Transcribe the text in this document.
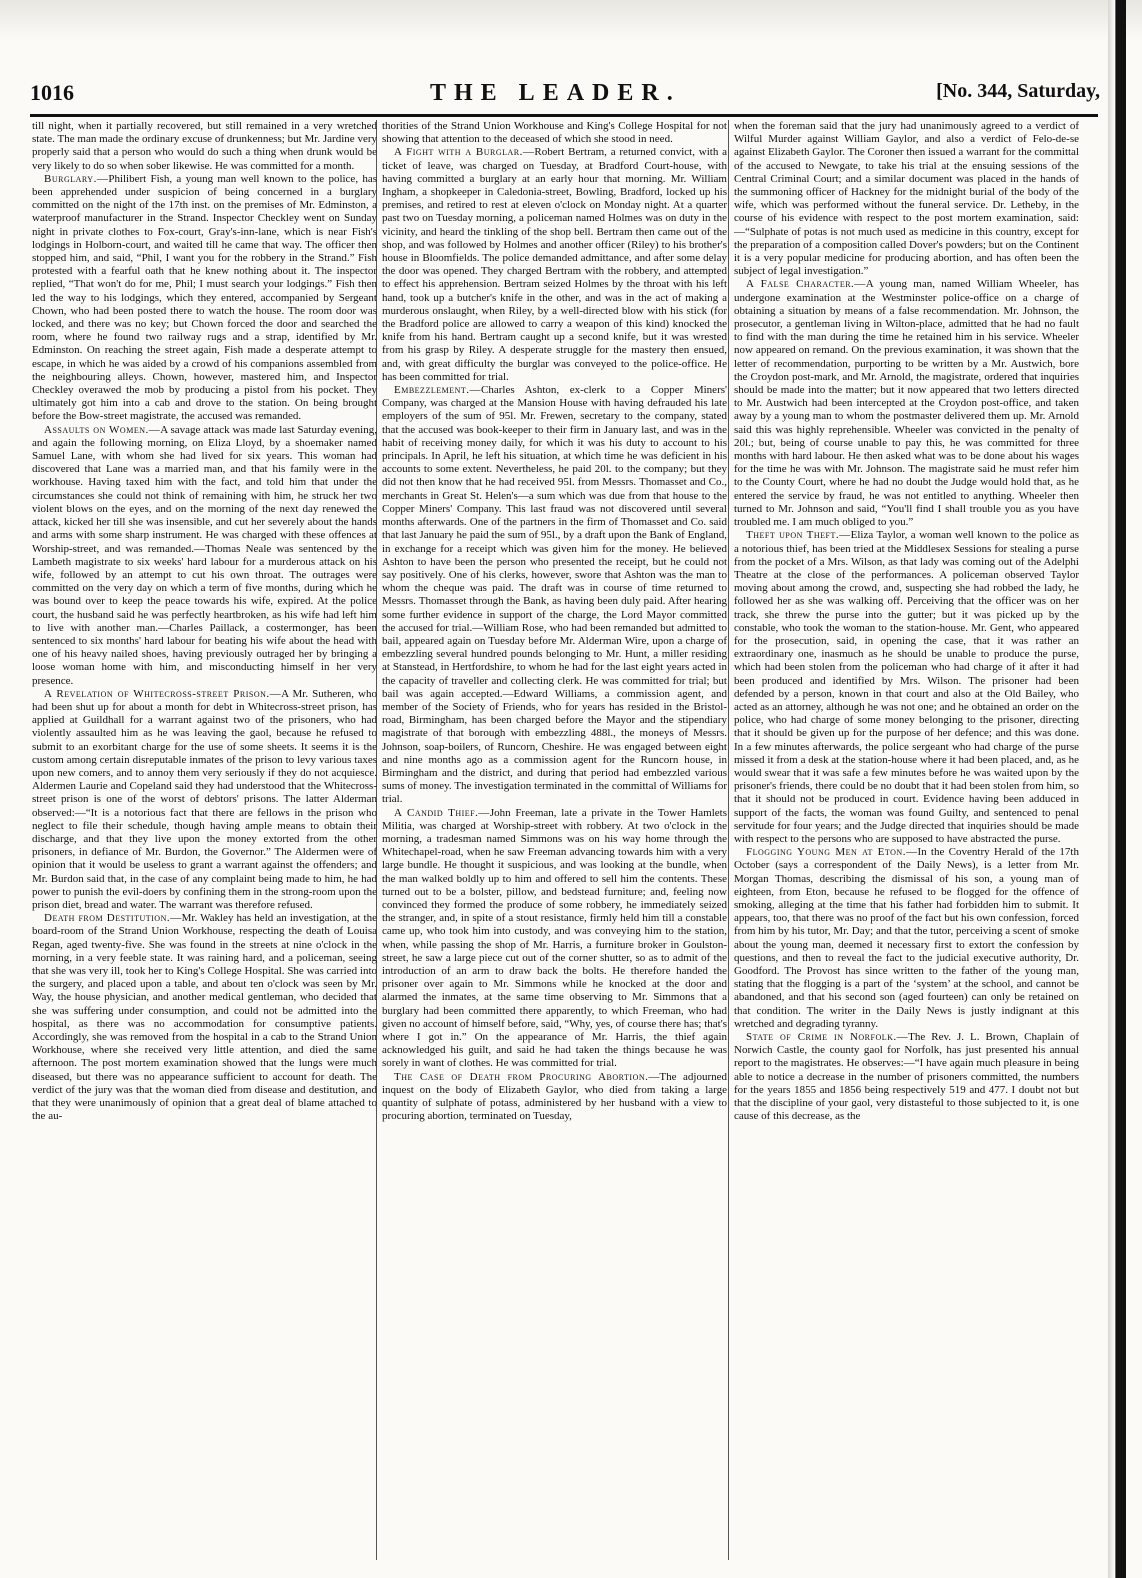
1016	THE LEADER.	[No. 344, Saturday,

till night, when it partially recovered, but still remained in a very wretched state. The man made the ordinary excuse of drunkenness; but Mr. Jardine very properly said that a person who would do such a thing when drunk would be very likely to do so when sober likewise. He was committed for a month.

Burglary.—Philibert Fish, a young man well known to the police, has been apprehended under suspicion of being concerned in a burglary committed on the night of the 17th inst. on the premises of Mr. Edminston, a waterproof manufacturer in the Strand. Inspector Checkley went on Sunday night in private clothes to Fox-court, Gray's-inn-lane, which is near Fish's lodgings in Holborn-court, and waited till he came that way. The officer then stopped him, and said, “Phil, I want you for the robbery in the Strand.” Fish protested with a fearful oath that he knew nothing about it. The inspector replied, “That won't do for me, Phil; I must search your lodgings.” Fish then led the way to his lodgings, which they entered, accompanied by Sergeant Chown, who had been posted there to watch the house. The room door was locked, and there was no key; but Chown forced the door and searched the room, where he found two railway rugs and a strap, identified by Mr. Edminston. On reaching the street again, Fish made a desperate attempt to escape, in which he was aided by a crowd of his companions assembled from the neighbouring alleys. Chown, however, mastered him, and Inspector Checkley overawed the mob by producing a pistol from his pocket. They ultimately got him into a cab and drove to the station. On being brought before the Bow-street magistrate, the accused was remanded.

Assaults on Women.—A savage attack was made last Saturday evening, and again the following morning, on Eliza Lloyd, by a shoemaker named Samuel Lane, with whom she had lived for six years. This woman had discovered that Lane was a married man, and that his family were in the workhouse. Having taxed him with the fact, and told him that under the circumstances she could not think of remaining with him, he struck her two violent blows on the eyes, and on the morning of the next day renewed the attack, kicked her till she was insensible, and cut her severely about the hands and arms with some sharp instrument. He was charged with these offences at Worship-street, and was remanded.—Thomas Neale was sentenced by the Lambeth magistrate to six weeks' hard labour for a murderous attack on his wife, followed by an attempt to cut his own throat. The outrages were committed on the very day on which a term of five months, during which he was bound over to keep the peace towards his wife, expired. At the police court, the husband said he was perfectly heartbroken, as his wife had left him to live with another man.—Charles Paillack, a costermonger, has been sentenced to six months' hard labour for beating his wife about the head with one of his heavy nailed shoes, having previously outraged her by bringing a loose woman home with him, and misconducting himself in her very presence.

A Revelation of Whitecross-street Prison.—A Mr. Sutheren, who had been shut up for about a month for debt in Whitecross-street prison, has applied at Guildhall for a warrant against two of the prisoners, who had violently assaulted him as he was leaving the gaol, because he refused to submit to an exorbitant charge for the use of some sheets. It seems it is the custom among certain disreputable inmates of the prison to levy various taxes upon new comers, and to annoy them very seriously if they do not acquiesce. Aldermen Laurie and Copeland said they had understood that the Whitecross-street prison is one of the worst of debtors' prisons. The latter Alderman observed:—“It is a notorious fact that there are fellows in the prison who neglect to file their schedule, though having ample means to obtain their discharge, and that they live upon the money extorted from the other prisoners, in defiance of Mr. Burdon, the Governor.” The Aldermen were of opinion that it would be useless to grant a warrant against the offenders; and Mr. Burdon said that, in the case of any complaint being made to him, he had power to punish the evil-doers by confining them in the strong-room upon the prison diet, bread and water. The warrant was therefore refused.

Death from Destitution.—Mr. Wakley has held an investigation, at the board-room of the Strand Union Workhouse, respecting the death of Louisa Regan, aged twenty-five. She was found in the streets at nine o'clock in the morning, in a very feeble state. It was raining hard, and a policeman, seeing that she was very ill, took her to King's College Hospital. She was carried into the surgery, and placed upon a table, and about ten o'clock was seen by Mr. Way, the house physician, and another medical gentleman, who decided that she was suffering under consumption, and could not be admitted into the hospital, as there was no accommodation for consumptive patients. Accordingly, she was removed from the hospital in a cab to the Strand Union Workhouse, where she received very little attention, and died the same afternoon. The post mortem examination showed that the lungs were much diseased, but there was no appearance sufficient to account for death. The verdict of the jury was that the woman died from disease and destitution, and that they were unanimously of opinion that a great deal of blame attached to the au-

thorities of the Strand Union Workhouse and King's College Hospital for not showing that attention to the deceased of which she stood in need.

A Fight with a Burglar.—Robert Bertram, a returned convict, with a ticket of leave, was charged on Tuesday, at Bradford Court-house, with having committed a burglary at an early hour that morning. Mr. William Ingham, a shopkeeper in Caledonia-street, Bowling, Bradford, locked up his premises, and retired to rest at eleven o'clock on Monday night. At a quarter past two on Tuesday morning, a policeman named Holmes was on duty in the vicinity, and heard the tinkling of the shop bell. Bertram then came out of the shop, and was followed by Holmes and another officer (Riley) to his brother's house in Bloomfields. The police demanded admittance, and after some delay the door was opened. They charged Bertram with the robbery, and attempted to effect his apprehension. Bertram seized Holmes by the throat with his left hand, took up a butcher's knife in the other, and was in the act of making a murderous onslaught, when Riley, by a well-directed blow with his stick (for the Bradford police are allowed to carry a weapon of this kind) knocked the knife from his hand. Bertram caught up a second knife, but it was wrested from his grasp by Riley. A desperate struggle for the mastery then ensued, and, with great difficulty the burglar was conveyed to the police-office. He has been committed for trial.

Embezzlement.—Charles Ashton, ex-clerk to a Copper Miners' Company, was charged at the Mansion House with having defrauded his late employers of the sum of 95l. Mr. Frewen, secretary to the company, stated that the accused was book-keeper to their firm in January last, and was in the habit of receiving money daily, for which it was his duty to account to his principals. In April, he left his situation, at which time he was deficient in his accounts to some extent. Nevertheless, he paid 20l. to the company; but they did not then know that he had received 95l. from Messrs. Thomasset and Co., merchants in Great St. Helen's—a sum which was due from that house to the Copper Miners' Company. This last fraud was not discovered until several months afterwards. One of the partners in the firm of Thomasset and Co. said that last January he paid the sum of 95l., by a draft upon the Bank of England, in exchange for a receipt which was given him for the money. He believed Ashton to have been the person who presented the receipt, but he could not say positively. One of his clerks, however, swore that Ashton was the man to whom the cheque was paid. The draft was in course of time returned to Messrs. Thomasset through the Bank, as having been duly paid. After hearing some further evidence in support of the charge, the Lord Mayor committed the accused for trial.—William Rose, who had been remanded but admitted to bail, appeared again on Tuesday before Mr. Alderman Wire, upon a charge of embezzling several hundred pounds belonging to Mr. Hunt, a miller residing at Stanstead, in Hertfordshire, to whom he had for the last eight years acted in the capacity of traveller and collecting clerk. He was committed for trial; but bail was again accepted.—Edward Williams, a commission agent, and member of the Society of Friends, who for years has resided in the Bristol-road, Birmingham, has been charged before the Mayor and the stipendiary magistrate of that borough with embezzling 488l., the moneys of Messrs. Johnson, soap-boilers, of Runcorn, Cheshire. He was engaged between eight and nine months ago as a commission agent for the Runcorn house, in Birmingham and the district, and during that period had embezzled various sums of money. The investigation terminated in the committal of Williams for trial.

A Candid Thief.—John Freeman, late a private in the Tower Hamlets Militia, was charged at Worship-street with robbery. At two o'clock in the morning, a tradesman named Simmons was on his way home through the Whitechapel-road, when he saw Freeman advancing towards him with a very large bundle. He thought it suspicious, and was looking at the bundle, when the man walked boldly up to him and offered to sell him the contents. These turned out to be a bolster, pillow, and bedstead furniture; and, feeling now convinced they formed the produce of some robbery, he immediately seized the stranger, and, in spite of a stout resistance, firmly held him till a constable came up, who took him into custody, and was conveying him to the station, when, while passing the shop of Mr. Harris, a furniture broker in Goulston-street, he saw a large piece cut out of the corner shutter, so as to admit of the introduction of an arm to draw back the bolts. He therefore handed the prisoner over again to Mr. Simmons while he knocked at the door and alarmed the inmates, at the same time observing to Mr. Simmons that a burglary had been committed there apparently, to which Freeman, who had given no account of himself before, said, “Why, yes, of course there has; that's where I got in.” On the appearance of Mr. Harris, the thief again acknowledged his guilt, and said he had taken the things because he was sorely in want of clothes. He was committed for trial.

The Case of Death from Procuring Abortion.—The adjourned inquest on the body of Elizabeth Gaylor, who died from taking a large quantity of sulphate of potass, administered by her husband with a view to procuring abortion, terminated on Tuesday,

when the foreman said that the jury had unanimously agreed to a verdict of Wilful Murder against William Gaylor, and also a verdict of Felo-de-se against Elizabeth Gaylor. The Coroner then issued a warrant for the committal of the accused to Newgate, to take his trial at the ensuing sessions of the Central Criminal Court; and a similar document was placed in the hands of the summoning officer of Hackney for the midnight burial of the body of the wife, which was performed without the funeral service. Dr. Letheby, in the course of his evidence with respect to the post mortem examination, said:—“Sulphate of potas is not much used as medicine in this country, except for the preparation of a composition called Dover's powders; but on the Continent it is a very popular medicine for producing abortion, and has often been the subject of legal investigation.”

A False Character.—A young man, named William Wheeler, has undergone examination at the Westminster police-office on a charge of obtaining a situation by means of a false recommendation. Mr. Johnson, the prosecutor, a gentleman living in Wilton-place, admitted that he had no fault to find with the man during the time he retained him in his service. Wheeler now appeared on remand. On the previous examination, it was shown that the letter of recommendation, purporting to be written by a Mr. Austwich, bore the Croydon post-mark, and Mr. Arnold, the magistrate, ordered that inquiries should be made into the matter; but it now appeared that two letters directed to Mr. Austwich had been intercepted at the Croydon post-office, and taken away by a young man to whom the postmaster delivered them up. Mr. Arnold said this was highly reprehensible. Wheeler was convicted in the penalty of 20l.; but, being of course unable to pay this, he was committed for three months with hard labour. He then asked what was to be done about his wages for the time he was with Mr. Johnson. The magistrate said he must refer him to the County Court, where he had no doubt the Judge would hold that, as he entered the service by fraud, he was not entitled to anything. Wheeler then turned to Mr. Johnson and said, “You'll find I shall trouble you as you have troubled me. I am much obliged to you.”

Theft upon Theft.—Eliza Taylor, a woman well known to the police as a notorious thief, has been tried at the Middlesex Sessions for stealing a purse from the pocket of a Mrs. Wilson, as that lady was coming out of the Adelphi Theatre at the close of the performances. A policeman observed Taylor moving about among the crowd, and, suspecting she had robbed the lady, he followed her as she was walking off. Perceiving that the officer was on her track, she threw the purse into the gutter; but it was picked up by the constable, who took the woman to the station-house. Mr. Gent, who appeared for the prosecution, said, in opening the case, that it was rather an extraordinary one, inasmuch as he should be unable to produce the purse, which had been stolen from the policeman who had charge of it after it had been produced and identified by Mrs. Wilson. The prisoner had been defended by a person, known in that court and also at the Old Bailey, who acted as an attorney, although he was not one; and he obtained an order on the police, who had charge of some money belonging to the prisoner, directing that it should be given up for the purpose of her defence; and this was done. In a few minutes afterwards, the police sergeant who had charge of the purse missed it from a desk at the station-house where it had been placed, and, as he would swear that it was safe a few minutes before he was waited upon by the prisoner's friends, there could be no doubt that it had been stolen from him, so that it should not be produced in court. Evidence having been adduced in support of the facts, the woman was found Guilty, and sentenced to penal servitude for four years; and the Judge directed that inquiries should be made with respect to the persons who are supposed to have abstracted the purse.

Flogging Young Men at Eton.—In the Coventry Herald of the 17th October (says a correspondent of the Daily News), is a letter from Mr. Morgan Thomas, describing the dismissal of his son, a young man of eighteen, from Eton, because he refused to be flogged for the offence of smoking, alleging at the time that his father had forbidden him to submit. It appears, too, that there was no proof of the fact but his own confession, forced from him by his tutor, Mr. Day; and that the tutor, perceiving a scent of smoke about the young man, deemed it necessary first to extort the confession by questions, and then to reveal the fact to the judicial executive authority, Dr. Goodford. The Provost has since written to the father of the young man, stating that the flogging is a part of the ‘system’ at the school, and cannot be abandoned, and that his second son (aged fourteen) can only be retained on that condition. The writer in the Daily News is justly indignant at this wretched and degrading tyranny.

State of Crime in Norfolk.—The Rev. J. L. Brown, Chaplain of Norwich Castle, the county gaol for Norfolk, has just presented his annual report to the magistrates. He observes:—“I have again much pleasure in being able to notice a decrease in the number of prisoners committed, the numbers for the years 1855 and 1856 being respectively 519 and 477. I doubt not but that the discipline of your gaol, very distasteful to those subjected to it, is one cause of this decrease, as the
